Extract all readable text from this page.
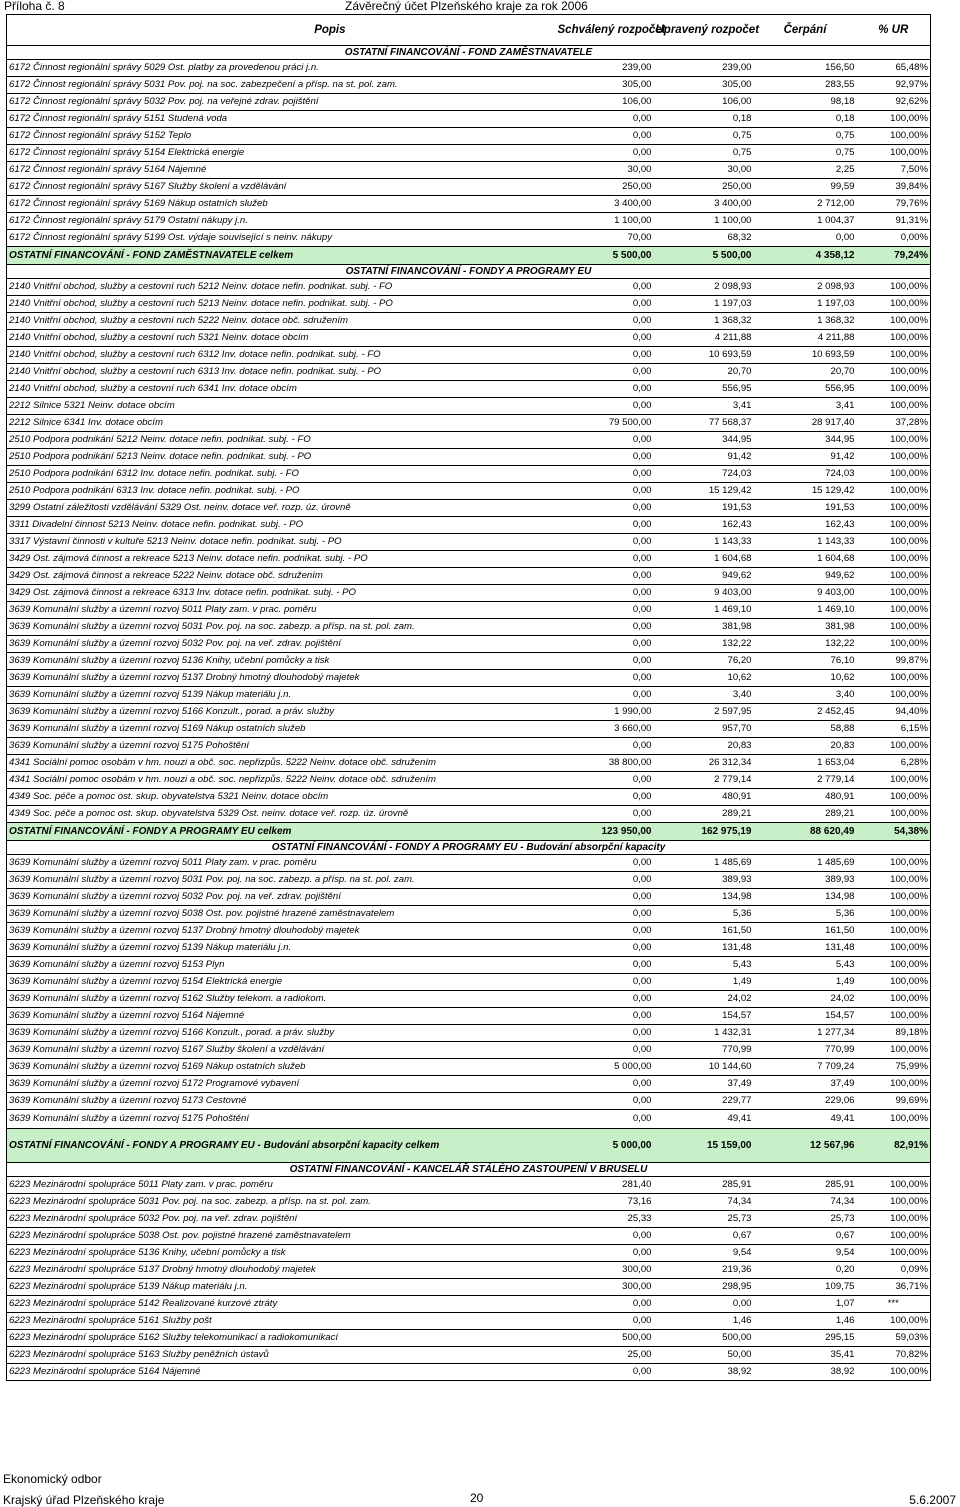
Příloha č. 8	Závěrečný účet Plzeňského kraje za rok 2006
Popis	Schválený rozpočet	Upravený rozpočet	Čerpání	% UR
OSTATNÍ FINANCOVÁNÍ - FOND ZAMĚSTNAVATELE				
6172 Činnost regionální správy 5029 Ost. platby za provedenou práci j.n.	239,00	239,00	156,50	65,48%
6172 Činnost regionální správy 5031 Pov. poj. na soc. zabezpečení a přísp. na st. pol. zam.	305,00	305,00	283,55	92,97%
6172 Činnost regionální správy 5032 Pov. poj. na veřejné zdrav. pojištění	106,00	106,00	98,18	92,62%
6172 Činnost regionální správy 5151 Studená voda	0,00	0,18	0,18	100,00%
6172 Činnost regionální správy 5152 Teplo	0,00	0,75	0,75	100,00%
6172 Činnost regionální správy 5154 Elektrická energie	0,00	0,75	0,75	100,00%
6172 Činnost regionální správy 5164 Nájemné	30,00	30,00	2,25	7,50%
6172 Činnost regionální správy 5167 Služby školení a vzdělávání	250,00	250,00	99,59	39,84%
6172 Činnost regionální správy 5169 Nákup ostatních služeb	3 400,00	3 400,00	2 712,00	79,76%
6172 Činnost regionální správy 5179 Ostatní nákupy j.n.	1 100,00	1 100,00	1 004,37	91,31%
6172 Činnost regionální správy 5199 Ost. výdaje související s neinv. nákupy	70,00	68,32	0,00	0,00%
OSTATNÍ FINANCOVÁNÍ - FOND ZAMĚSTNAVATELE celkem	5 500,00	5 500,00	4 358,12	79,24%
OSTATNÍ FINANCOVÁNÍ - FONDY A PROGRAMY EU				
2140 Vnitřní obchod, služby a cestovní ruch 5212 Neinv. dotace nefin. podnikat. subj. - FO	0,00	2 098,93	2 098,93	100,00%
2140 Vnitřní obchod, služby a cestovní ruch 5213 Neinv. dotace nefin. podnikat. subj. - PO	0,00	1 197,03	1 197,03	100,00%
2140 Vnitřní obchod, služby a cestovní ruch 5222 Neinv. dotace obč. sdružením	0,00	1 368,32	1 368,32	100,00%
2140 Vnitřní obchod, služby a cestovní ruch 5321 Neinv. dotace obcím	0,00	4 211,88	4 211,88	100,00%
2140 Vnitřní obchod, služby a cestovní ruch 6312 Inv. dotace nefin. podnikat. subj. - FO	0,00	10 693,59	10 693,59	100,00%
2140 Vnitřní obchod, služby a cestovní ruch 6313 Inv. dotace nefin. podnikat. subj. - PO	0,00	20,70	20,70	100,00%
2140 Vnitřní obchod, služby a cestovní ruch 6341 Inv. dotace obcím	0,00	556,95	556,95	100,00%
2212 Silnice 5321 Neinv. dotace obcím	0,00	3,41	3,41	100,00%
2212 Silnice 6341 Inv. dotace obcím	79 500,00	77 568,37	28 917,40	37,28%
2510 Podpora podnikání 5212 Neinv. dotace nefin. podnikat. subj. - FO	0,00	344,95	344,95	100,00%
2510 Podpora podnikání 5213 Neinv. dotace nefin. podnikat. subj. - PO	0,00	91,42	91,42	100,00%
2510 Podpora podnikání 6312 Inv. dotace nefin. podnikat. subj. - FO	0,00	724,03	724,03	100,00%
2510 Podpora podnikání 6313 Inv. dotace nefin. podnikat. subj. - PO	0,00	15 129,42	15 129,42	100,00%
3299 Ostatní záležitosti vzdělávání 5329 Ost. neinv. dotace veř. rozp. úz. úrovně	0,00	191,53	191,53	100,00%
3311 Divadelní činnost 5213 Neinv. dotace nefin. podnikat. subj. - PO	0,00	162,43	162,43	100,00%
3317 Výstavní činnosti v kultuře 5213 Neinv. dotace nefin. podnikat. subj. - PO	0,00	1 143,33	1 143,33	100,00%
3429 Ost. zájmová činnost a rekreace 5213 Neinv. dotace nefin. podnikat. subj. - PO	0,00	1 604,68	1 604,68	100,00%
3429 Ost. zájmová činnost a rekreace 5222 Neinv. dotace obč. sdružením	0,00	949,62	949,62	100,00%
3429 Ost. zájmová činnost a rekreace 6313 Inv. dotace nefin. podnikat. subj. - PO	0,00	9 403,00	9 403,00	100,00%
3639 Komunální služby a územní rozvoj 5011 Platy zam. v prac. poměru	0,00	1 469,10	1 469,10	100,00%
3639 Komunální služby a územní rozvoj 5031 Pov. poj. na soc. zabezp. a přísp. na st. pol. zam.	0,00	381,98	381,98	100,00%
3639 Komunální služby a územní rozvoj 5032 Pov. poj. na veř. zdrav. pojištění	0,00	132,22	132,22	100,00%
3639 Komunální služby a územní rozvoj 5136 Knihy, učební pomůcky a tisk	0,00	76,20	76,10	99,87%
3639 Komunální služby a územní rozvoj 5137 Drobný hmotný dlouhodobý majetek	0,00	10,62	10,62	100,00%
3639 Komunální služby a územní rozvoj 5139 Nákup materiálu j.n.	0,00	3,40	3,40	100,00%
3639 Komunální služby a územní rozvoj 5166 Konzult., porad. a práv. služby	1 990,00	2 597,95	2 452,45	94,40%
3639 Komunální služby a územní rozvoj 5169 Nákup ostatních služeb	3 660,00	957,70	58,88	6,15%
3639 Komunální služby a územní rozvoj 5175 Pohoštění	0,00	20,83	20,83	100,00%
4341 Sociální pomoc osobám v hm. nouzi a obč. soc. nepřizpůs. 5222 Neinv. dotace obč. sdružením	38 800,00	26 312,34	1 653,04	6,28%
4341 Sociální pomoc osobám v hm. nouzi a obč. soc. nepřizpůs. 5222 Neinv. dotace obč. sdružením	0,00	2 779,14	2 779,14	100,00%
4349 Soc. péče a pomoc ost. skup. obyvatelstva 5321 Neinv. dotace obcím	0,00	480,91	480,91	100,00%
4349 Soc. péče a pomoc ost. skup. obyvatelstva 5329 Ost. neinv. dotace veř. rozp. úz. úrovně	0,00	289,21	289,21	100,00%
OSTATNÍ FINANCOVÁNÍ - FONDY A PROGRAMY EU celkem	123 950,00	162 975,19	88 620,49	54,38%
OSTATNÍ FINANCOVÁNÍ - FONDY A PROGRAMY EU - Budování absorpční kapacity				
3639 Komunální služby a územní rozvoj 5011 Platy zam. v prac. poměru	0,00	1 485,69	1 485,69	100,00%
3639 Komunální služby a územní rozvoj 5031 Pov. poj. na soc. zabezp. a přísp. na st. pol. zam.	0,00	389,93	389,93	100,00%
3639 Komunální služby a územní rozvoj 5032 Pov. poj. na veř. zdrav. pojištění	0,00	134,98	134,98	100,00%
3639 Komunální služby a územní rozvoj 5038 Ost. pov. pojistné hrazené zaměstnavatelem	0,00	5,36	5,36	100,00%
3639 Komunální služby a územní rozvoj 5137 Drobný hmotný dlouhodobý majetek	0,00	161,50	161,50	100,00%
3639 Komunální služby a územní rozvoj 5139 Nákup materiálu j.n.	0,00	131,48	131,48	100,00%
3639 Komunální služby a územní rozvoj 5153 Plyn	0,00	5,43	5,43	100,00%
3639 Komunální služby a územní rozvoj 5154 Elektrická energie	0,00	1,49	1,49	100,00%
3639 Komunální služby a územní rozvoj 5162 Služby telekom. a radiokom.	0,00	24,02	24,02	100,00%
3639 Komunální služby a územní rozvoj 5164 Nájemné	0,00	154,57	154,57	100,00%
3639 Komunální služby a územní rozvoj 5166 Konzult., porad. a práv. služby	0,00	1 432,31	1 277,34	89,18%
3639 Komunální služby a územní rozvoj 5167 Služby školení a vzdělávání	0,00	770,99	770,99	100,00%
3639 Komunální služby a územní rozvoj 5169 Nákup ostatních služeb	5 000,00	10 144,60	7 709,24	75,99%
3639 Komunální služby a územní rozvoj 5172 Programové vybavení	0,00	37,49	37,49	100,00%
3639 Komunální služby a územní rozvoj 5173 Cestovné	0,00	229,77	229,06	99,69%
3639 Komunální služby a územní rozvoj 5175 Pohoštění	0,00	49,41	49,41	100,00%
OSTATNÍ FINANCOVÁNÍ - FONDY A PROGRAMY EU - Budování absorpční kapacity celkem	5 000,00	15 159,00	12 567,96	82,91%
OSTATNÍ FINANCOVÁNÍ - KANCELÁŘ STÁLÉHO ZASTOUPENÍ V BRUSELU				
6223 Mezinárodní spolupráce 5011 Platy zam. v prac. poměru	281,40	285,91	285,91	100,00%
6223 Mezinárodní spolupráce 5031 Pov. poj. na soc. zabezp. a přísp. na st. pol. zam.	73,16	74,34	74,34	100,00%
6223 Mezinárodní spolupráce 5032 Pov. poj. na veř. zdrav. pojištění	25,33	25,73	25,73	100,00%
6223 Mezinárodní spolupráce 5038 Ost. pov. pojistné hrazené zaměstnavatelem	0,00	0,67	0,67	100,00%
6223 Mezinárodní spolupráce 5136 Knihy, učební pomůcky a tisk	0,00	9,54	9,54	100,00%
6223 Mezinárodní spolupráce 5137 Drobný hmotný dlouhodobý majetek	300,00	219,36	0,20	0,09%
6223 Mezinárodní spolupráce 5139 Nákup materiálu j.n.	300,00	298,95	109,75	36,71%
6223 Mezinárodní spolupráce 5142 Realizované kurzové ztráty	0,00	0,00	1,07	***
6223 Mezinárodní spolupráce 5161 Služby pošt	0,00	1,46	1,46	100,00%
6223 Mezinárodní spolupráce 5162 Služby telekomunikací a radiokomunikací	500,00	500,00	295,15	59,03%
6223 Mezinárodní spolupráce 5163 Služby peněžních ústavů	25,00	50,00	35,41	70,82%
6223 Mezinárodní spolupráce 5164 Nájemné	0,00	38,92	38,92	100,00%
Ekonomický odbor
Krajský úřad Plzeňského kraje	20	5.6.2007
